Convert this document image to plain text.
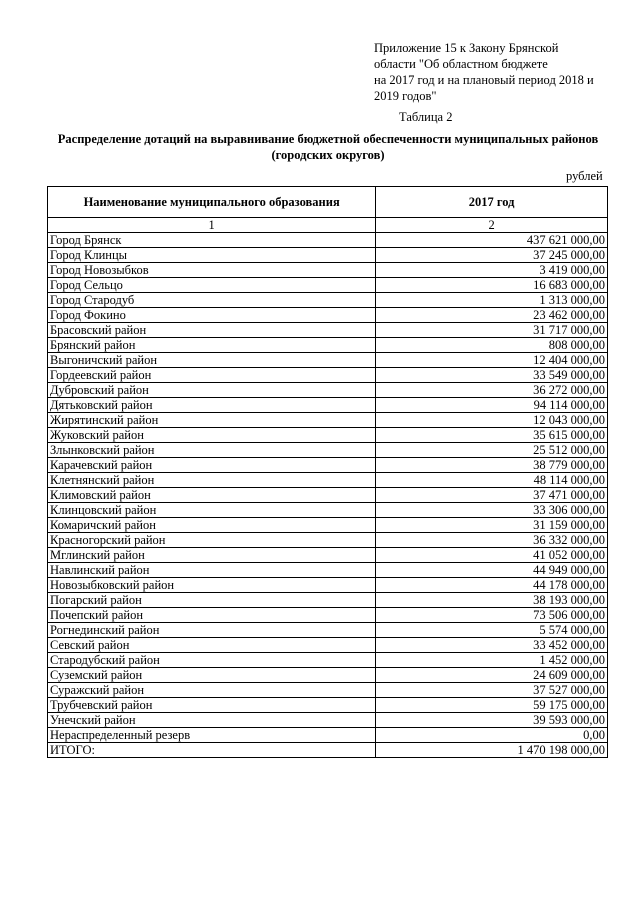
Приложение 15 к Закону Брянской
области "Об областном бюджете
на 2017 год и на плановый период 2018 и
2019 годов"
Таблица 2
Распределение дотаций на выравнивание бюджетной обеспеченности муниципальных районов (городских округов)
рублей
Наименование муниципального образования	2017 год
1	2
Город Брянск	437 621 000,00
Город Клинцы	37 245 000,00
Город Новозыбков	3 419 000,00
Город Сельцо	16 683 000,00
Город Стародуб	1 313 000,00
Город Фокино	23 462 000,00
Брасовский район	31 717 000,00
Брянский район	808 000,00
Выгоничский район	12 404 000,00
Гордеевский район	33 549 000,00
Дубровский район	36 272 000,00
Дятьковский район	94 114 000,00
Жирятинский район	12 043 000,00
Жуковский район	35 615 000,00
Злынковский район	25 512 000,00
Карачевский район	38 779 000,00
Клетнянский район	48 114 000,00
Климовский район	37 471 000,00
Клинцовский район	33 306 000,00
Комаричский район	31 159 000,00
Красногорский район	36 332 000,00
Мглинский район	41 052 000,00
Навлинский район	44 949 000,00
Новозыбковский район	44 178 000,00
Погарский район	38 193 000,00
Почепский район	73 506 000,00
Рогнединский район	5 574 000,00
Севский район	33 452 000,00
Стародубский район	1 452 000,00
Суземский район	24 609 000,00
Суражский район	37 527 000,00
Трубчевский район	59 175 000,00
Унечский район	39 593 000,00
Нераспределенный резерв	0,00
ИТОГО:	1 470 198 000,00
